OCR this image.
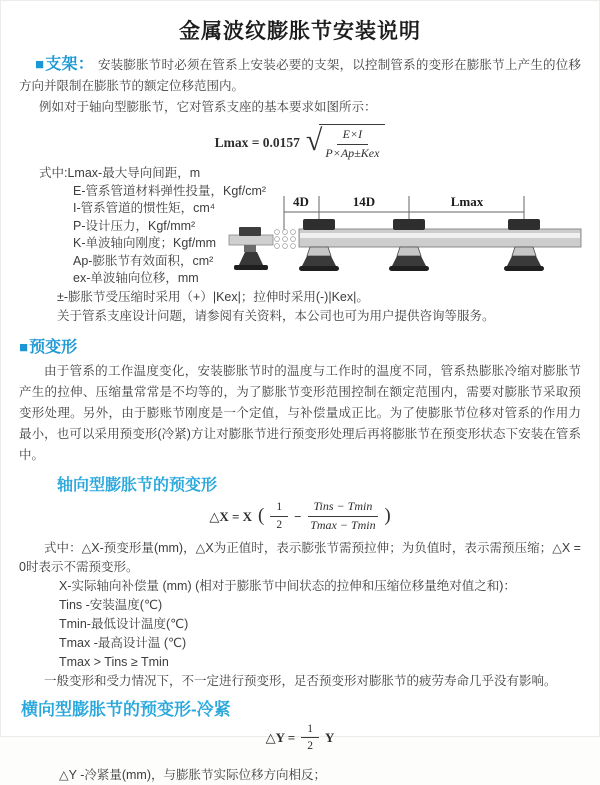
金属波纹膨胀节安装说明

■支架： 安装膨胀节时必须在管系上安装必要的支架，以控制管系的变形在膨胀节上产生的位移方向并限制在膨胀节的额定位移范围内。

例如对于轴向型膨胀节，它对管系支座的基本要求如图所示：

Lmax = 0.0157 √
$\frac{E\times I}{\text{P×Ap±Kex}}$
式中:Lmax-最大导向间距，m
E-管系管道材料弹性投量，Kgf/cm²
I-管系管道的惯性矩，cm⁴
P-设计压力，Kgf/mm²
K-单波轴向刚度；Kgf/mm
Ap-膨胀节有效面积，cm²
ex-单波轴向位移，mm
±-膨胀节受压缩时采用（+）|Kex|；拉伸时采用(-)|Kex|。
关于管系支座设计问题，请参阅有关资料，本公司也可为用户提供咨询等服务。
4D	14D	Lmax
■预变形

由于管系的工作温度变化，安装膨胀节时的温度与工作时的温度不同，管系热膨胀冷缩对膨胀节产生的拉伸、压缩量常常是不均等的，为了膨胀节变形范围控制在额定范围内，需要对膨胀节采取预变形处理。另外，由于膨账节刚度是一个定值，与补偿量成正比。为了使膨胀节位移对管系的作用力最小，也可以采用预变形(冷紧)方让对膨胀节进行预变形处理后再将膨胀节在预变形状态下安装在管系中。

轴向型膨胀节的预变形
△X = X ( $\frac{1}{2} - \frac{\text{Tins − Tmin}}{Tmax - Tmin}$ )

式中：△X-预变形量(mm)，△X为正值时，表示膨张节需预拉伸；为负值时，表示需预压缩；△X = 0时表示不需预变形。

X-实际轴向补偿量 (mm) (相对于膨胀节中间状态的拉伸和压缩位移量绝对值之和)：

Tins -安装温度(℃)

Tmin-最低设计温度(℃)

Tmax -最高设计温 (℃)

Tmax > Tins ≥ Tmin

一般变形和受力情况下，不一定进行预变形，足否预变形对膨胀节的疲劳寿命几乎没有影响。

横向型膨胀节的预变形-冷紧
△Y = $\frac{1}{2}$ Y

△Y -冷紧量(mm)，与膨胀节实际位移方向相反；
